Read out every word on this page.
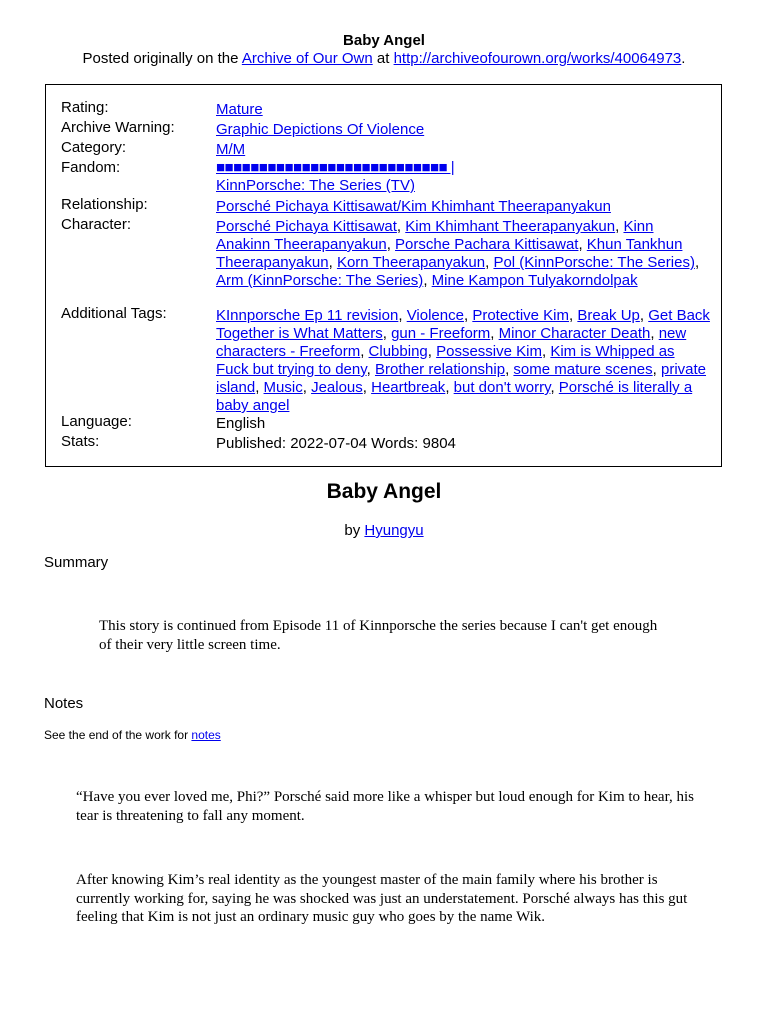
Baby Angel
Posted originally on the Archive of Our Own at http://archiveofourown.org/works/40064973.
Rating:	Mature
Archive Warning:	Graphic Depictions Of Violence
Category:	M/M
Fandom:	■■■■■■■■■■■■■■■■■■■■■■■■■■■ |
KinnPorsche: The Series (TV)
Relationship:	Porsché Pichaya Kittisawat/Kim Khimhant Theerapanyakun
Character:	Porsché Pichaya Kittisawat, Kim Khimhant Theerapanyakun, Kinn Anakinn Theerapanyakun, Porsche Pachara Kittisawat, Khun Tankhun Theerapanyakun, Korn Theerapanyakun, Pol (KinnPorsche: The Series), Arm (KinnPorsche: The Series), Mine Kampon Tulyakorndolpak
Additional Tags:	KInnporsche Ep 11 revision, Violence, Protective Kim, Break Up, Get Back Together is What Matters, gun - Freeform, Minor Character Death, new characters - Freeform, Clubbing, Possessive Kim, Kim is Whipped as Fuck but trying to deny, Brother relationship, some mature scenes, private island, Music, Jealous, Heartbreak, but don't worry, Porsché is literally a baby angel
Language:	English
Stats:	Published: 2022-07-04 Words: 9804
Baby Angel
by Hyungyu
Summary
This story is continued from Episode 11 of Kinnporsche the series because I can't get enough of their very little screen time.
Notes
See the end of the work for notes
“Have you ever loved me, Phi?” Porsché said more like a whisper but loud enough for Kim to hear, his tear is threatening to fall any moment.
After knowing Kim’s real identity as the youngest master of the main family where his brother is currently working for, saying he was shocked was just an understatement. Porsché always has this gut feeling that Kim is not just an ordinary music guy who goes by the name Wik.
